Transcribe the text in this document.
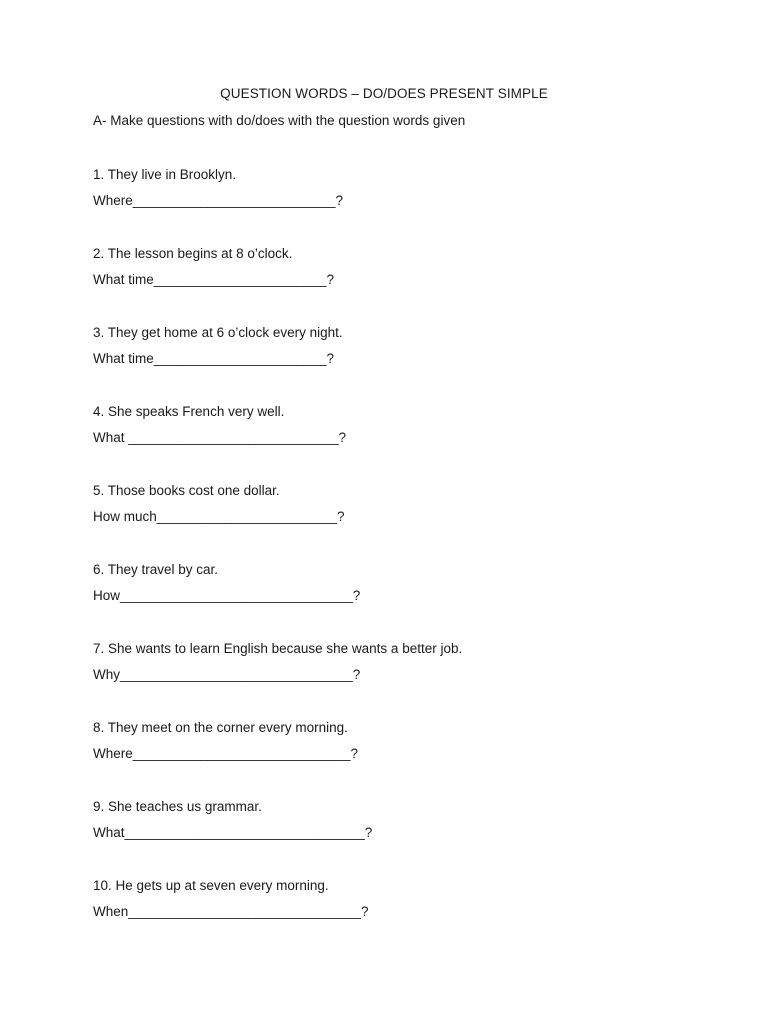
QUESTION WORDS – DO/DOES PRESENT SIMPLE
A- Make questions with do/does with the question words given
1. They live in Brooklyn.
Where___________________________?
2. The lesson begins at 8 o’clock.
What time_______________________?
3. They get home at 6 o’clock every night.
What time_______________________?
4. She speaks French very well.
What ____________________________?
5. Those books cost one dollar.
How much________________________?
6. They travel by car.
How_______________________________?
7. She wants to learn English because she wants a better job.
Why_______________________________?
8. They meet on the corner every morning.
Where_____________________________?
9. She teaches us grammar.
What________________________________?
10. He gets up at seven every morning.
When_______________________________?
